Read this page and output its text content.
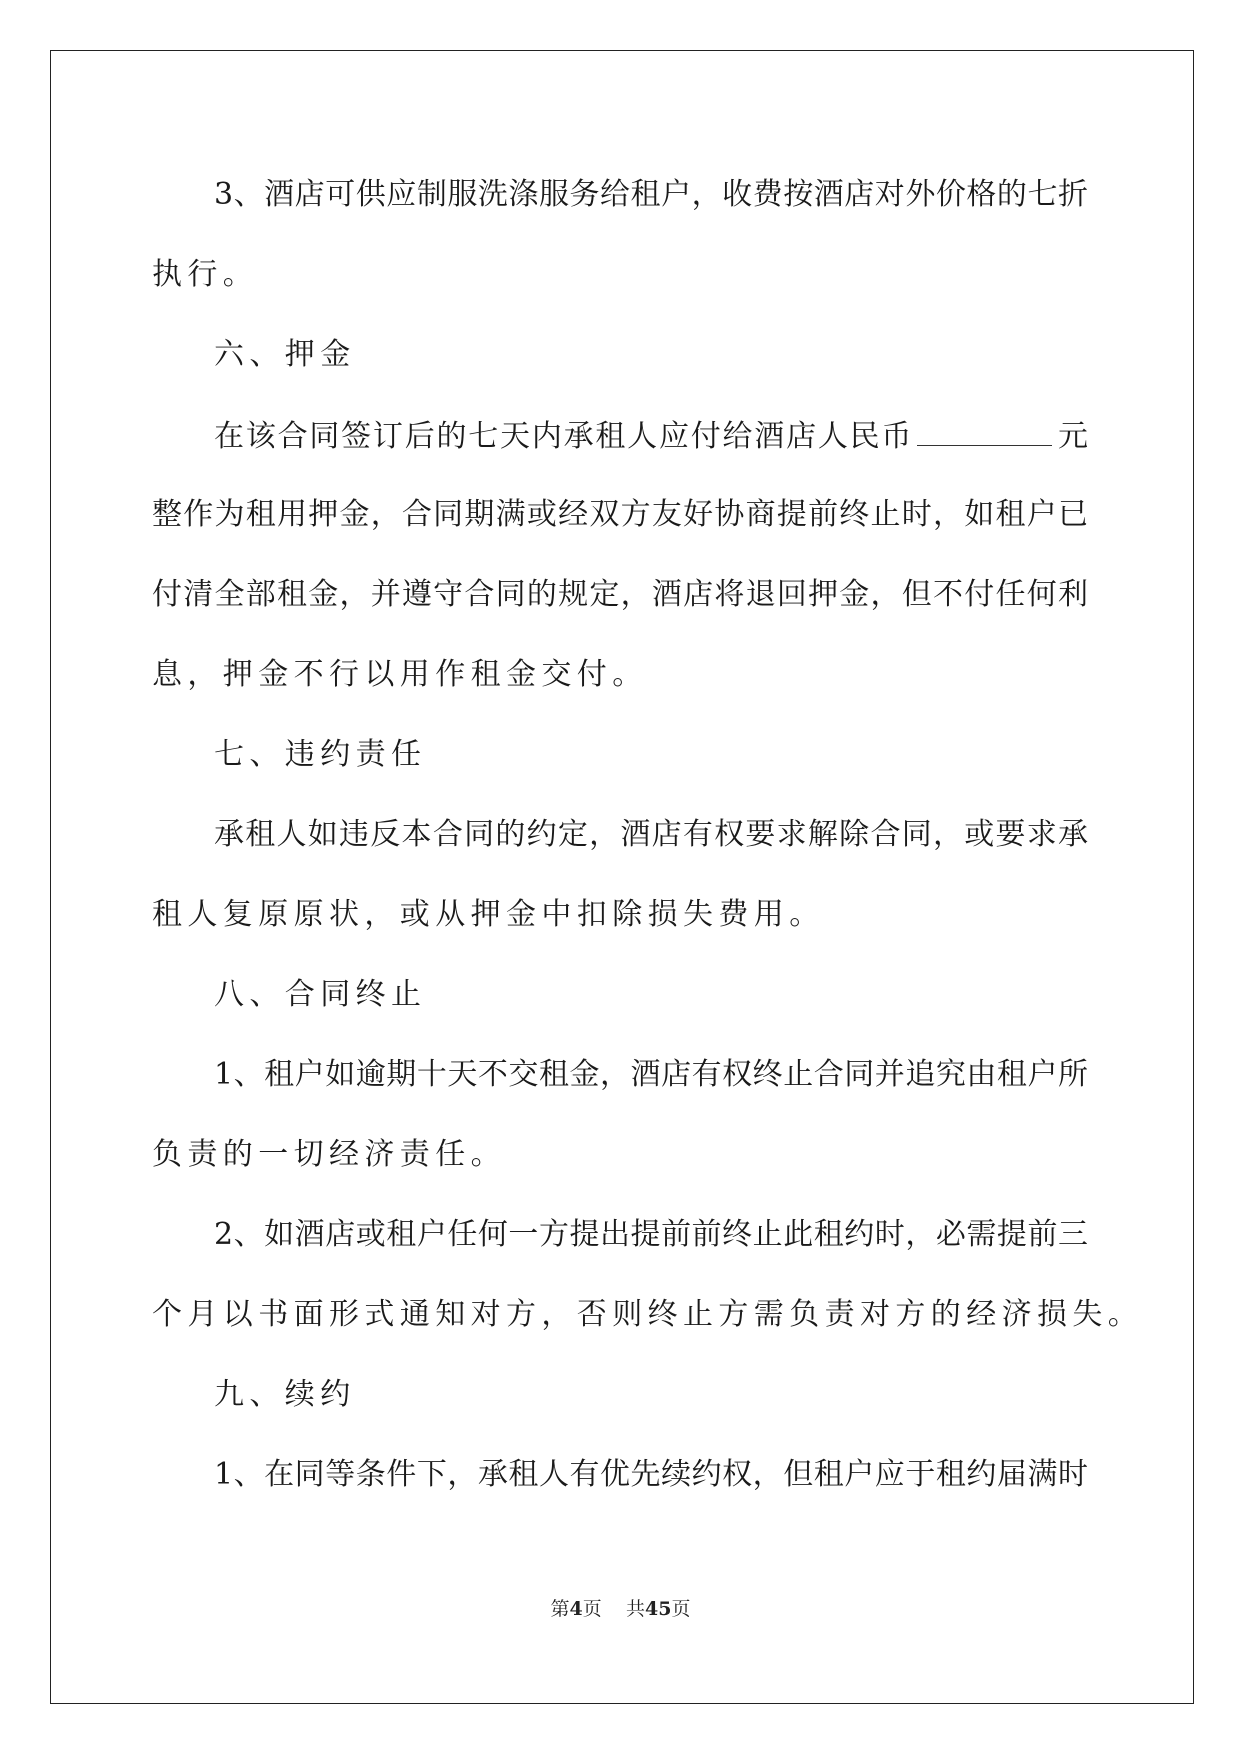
3、酒店可供应制服洗涤服务给租户，收费按酒店对外价格的七折
执行。
六、押金
在该合同签订后的七天内承租人应付给酒店人民币	元
整作为租用押金，合同期满或经双方友好协商提前终止时，如租户已
付清全部租金，并遵守合同的规定，酒店将退回押金，但不付任何利
息，押金不行以用作租金交付。
七、违约责任
承租人如违反本合同的约定，酒店有权要求解除合同，或要求承
租人复原原状，或从押金中扣除损失费用。
八、合同终止
1、租户如逾期十天不交租金，酒店有权终止合同并追究由租户所
负责的一切经济责任。
2、如酒店或租户任何一方提出提前前终止此租约时，必需提前三
个月以书面形式通知对方，否则终止方需负责对方的经济损失。
九、续约
1、在同等条件下，承租人有优先续约权，但租户应于租约届满时
第4页 共45页
